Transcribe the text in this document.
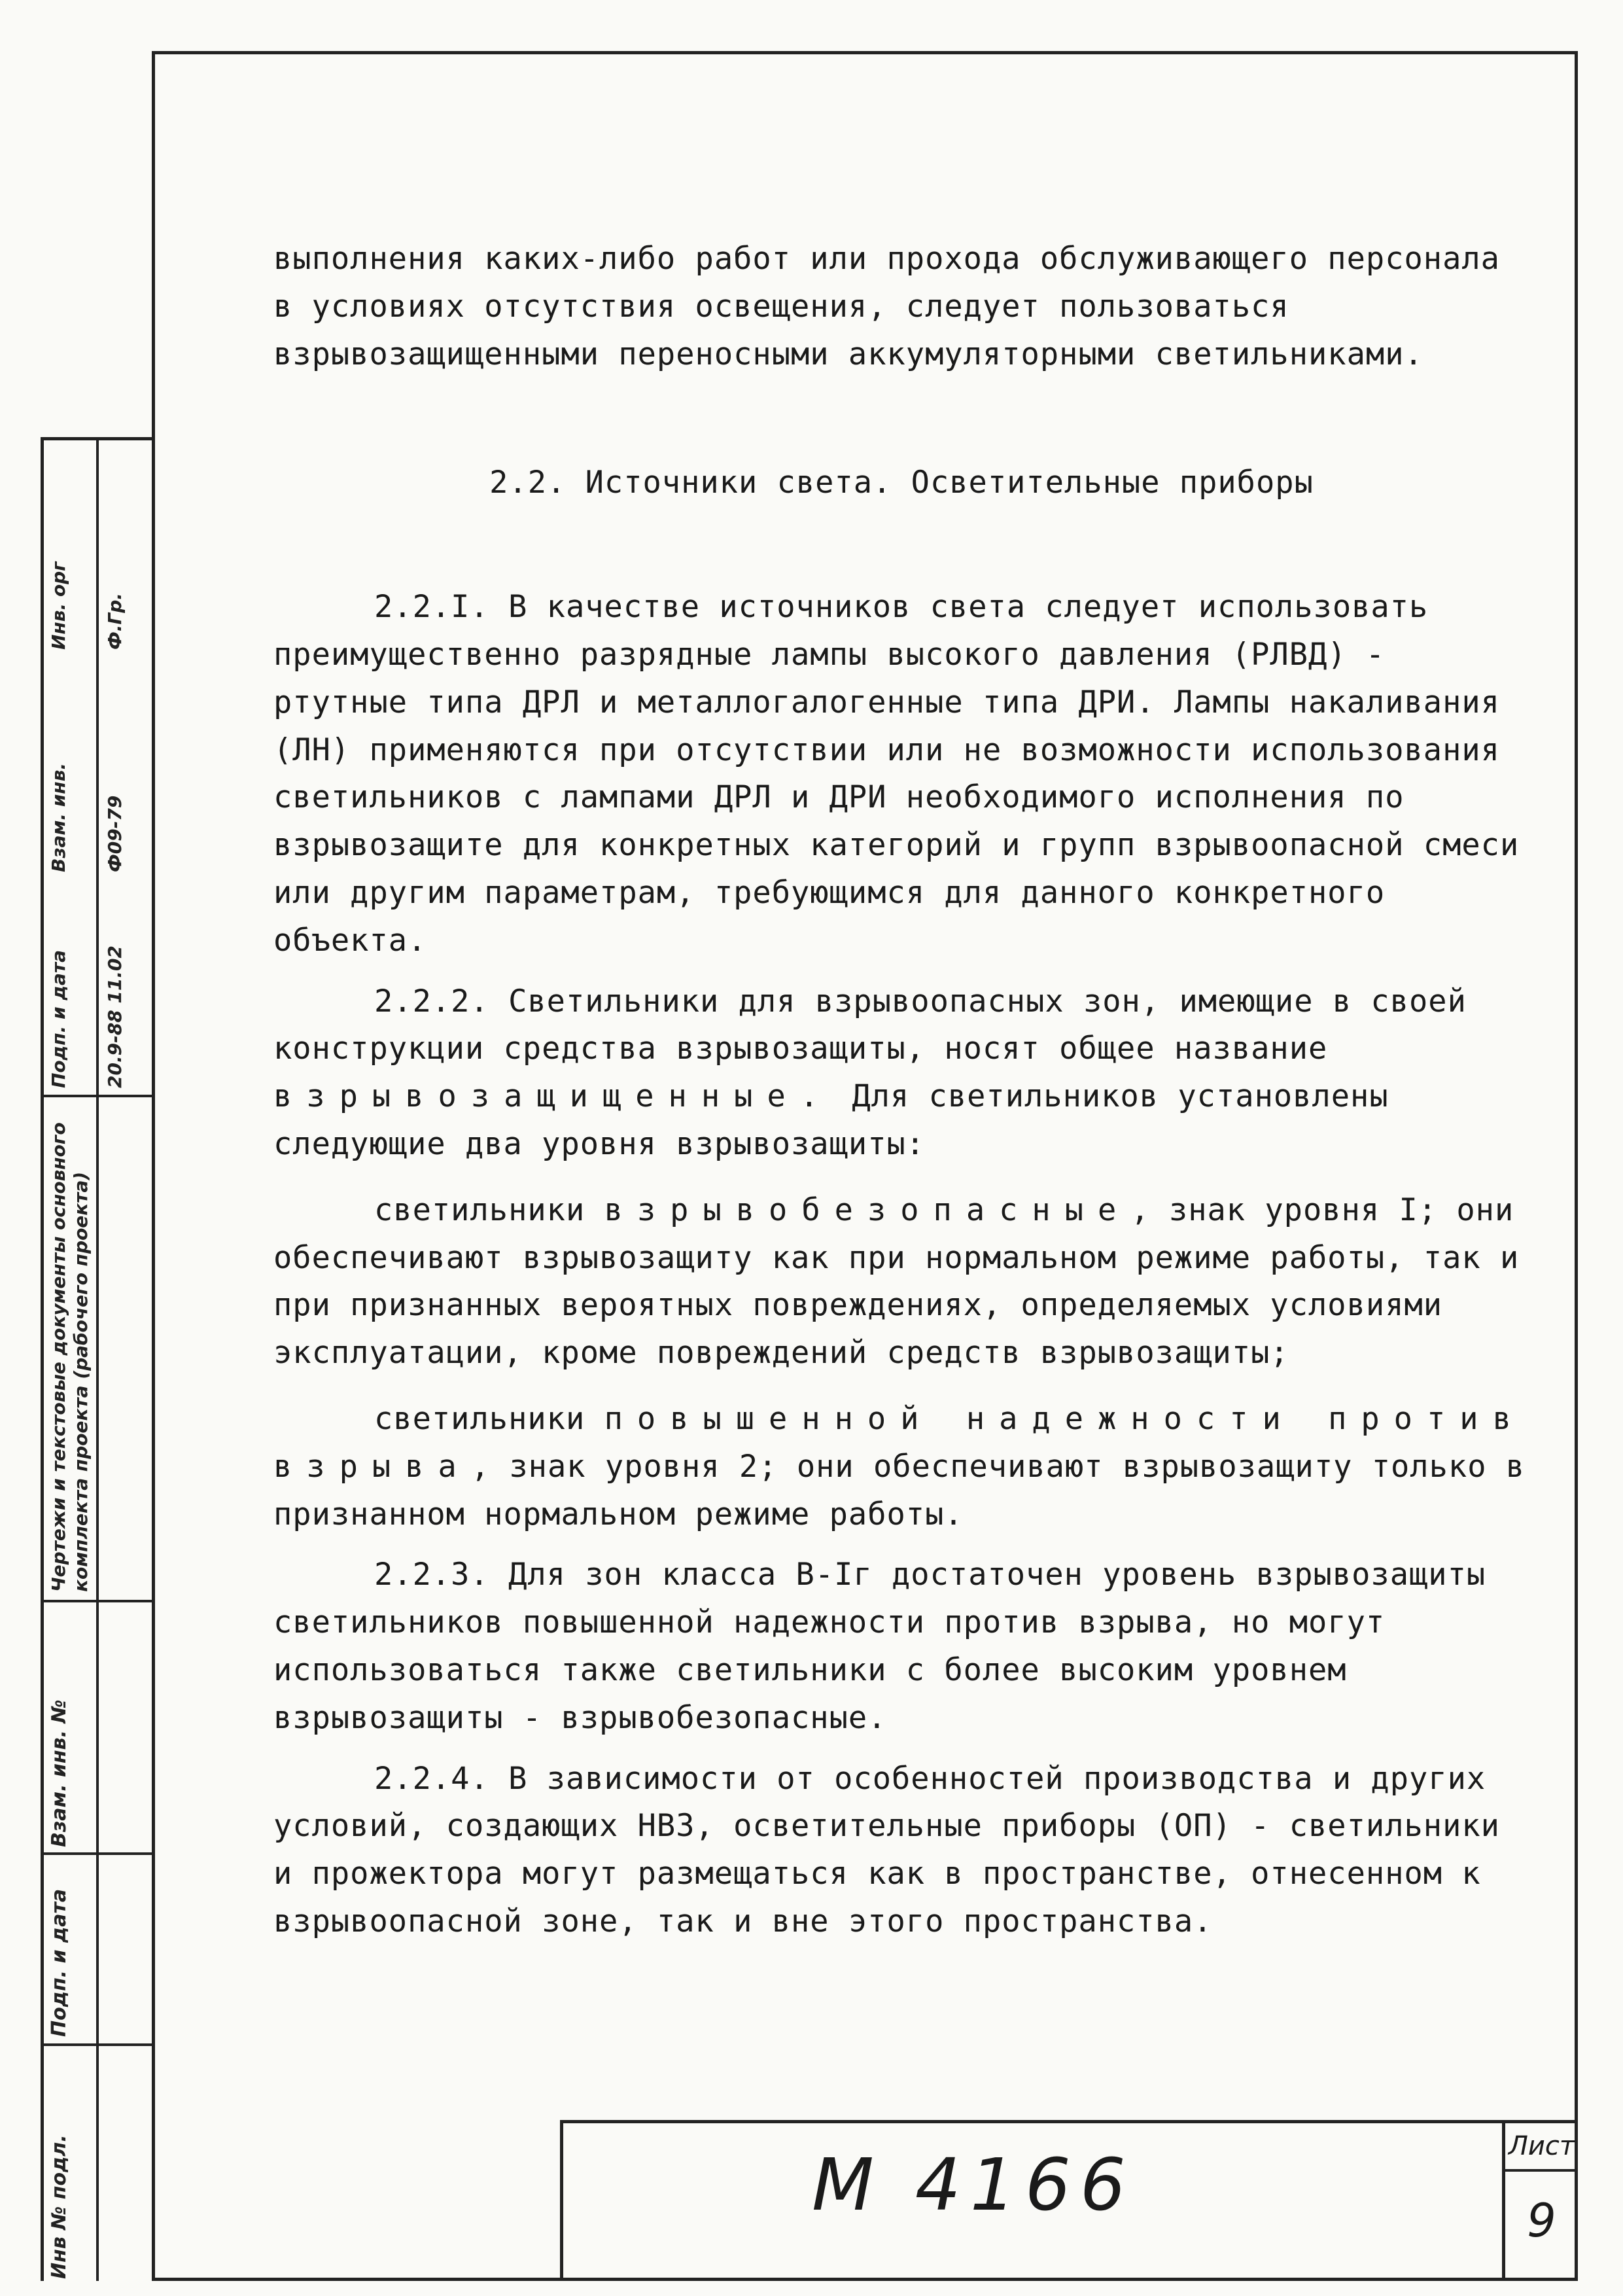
выполнения каких-либо работ или прохода обслуживающего персонала в условиях отсутствия освещения, следует пользоваться взрывозащищенными переносными аккумуляторными светильниками.

2.2. Источники света. Осветительные приборы

2.2.I. В качестве источников света следует использовать преимущественно разрядные лампы высокого давления (РЛВД) - ртутные типа ДРЛ и металлогалогенные типа ДРИ. Лампы накаливания (ЛН) применяются при отсутствии или не возможности использования светильников с лампами ДРЛ и ДРИ необходимого исполнения по взрывозащите для конкретных категорий и групп взрывоопасной смеси или другим параметрам, требующимся для данного конкретного объекта.

2.2.2. Светильники для взрывоопасных зон, имеющие в своей конструкции средства взрывозащиты, носят общее название взрывозащищенные. Для светильников установлены следующие два уровня взрывозащиты:

светильники взрывобезопасные, знак уровня I; они обеспечивают взрывозащиту как при нормальном режиме работы, так и при признанных вероятных повреждениях, определяемых условиями эксплуатации, кроме повреждений средств взрывозащиты;

светильники повышенной надежности против взрыва, знак уровня 2; они обеспечивают взрывозащиту только в признанном нормальном режиме работы.

2.2.3. Для зон класса В-Iг достаточен уровень взрывозащиты светильников повышенной надежности против взрыва, но могут использоваться также светильники с более высоким уровнем взрывозащиты - взрывобезопасные.

2.2.4. В зависимости от особенностей производства и других условий, создающих НВЗ, осветительные приборы (ОП) - светильники и прожектора могут размещаться как в пространстве, отнесенном к взрывоопасной зоне, так и вне этого пространства.

Инв № подл.
Подп. и дата
Взам. инв. №
Чертежи и текстовые документы основного комплекта проекта (рабочего проекта)
Подп. и дата 20.9-88 11.02
Взам. инв. Ф09-79
Инв. орг Ф.Гр.
М 4166	Лист
9
